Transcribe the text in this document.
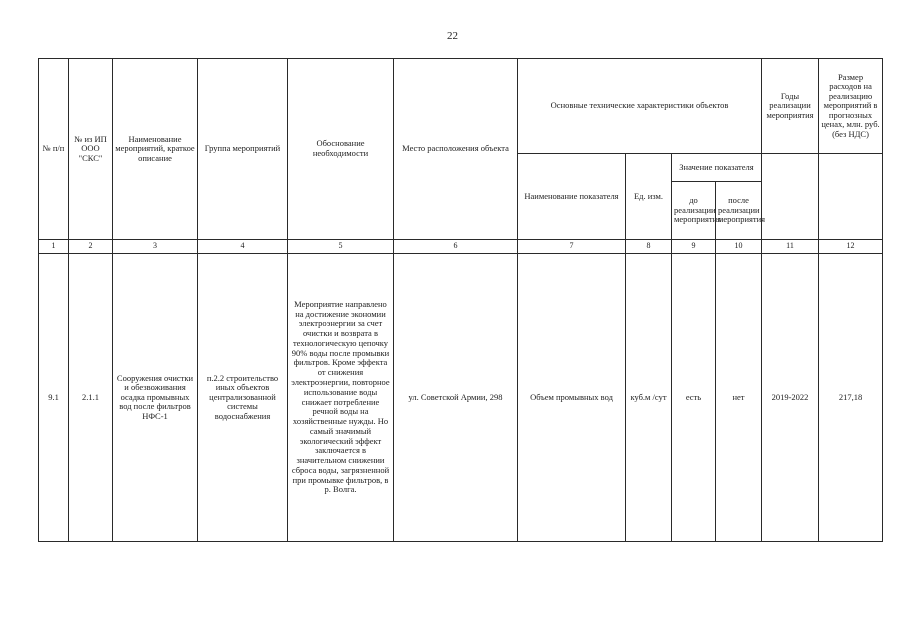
22
№ п/п	№ из ИП ООО "СКС"	Наименование мероприятий, краткое описание	Группа мероприятий	Обоснование необходимости	Место расположения объекта	Основные технические характеристики объектов				Годы реализации мероприятия	Размер расходов на реализацию мероприятий в прогнозных ценах, млн. руб. (без НДС)
						Наименование показателя	Ед. изм.	Значение показателя			
								до реализации мероприятия	после реализации мероприятия		
1	2	3	4	5	6	7	8	9	10	11	12
9.1	2.1.1	Сооружения очистки и обезвоживания осадка промывных вод после фильтров НФС-1	п.2.2 строительство иных объектов централизованной системы водоснабжения	Мероприятие направлено на достижение экономии электроэнергии за счет очистки и возврата в технологическую цепочку 90% воды после промывки фильтров. Кроме эффекта от снижения электроэнергии, повторное использование воды снижает потребление речной воды на хозяйственные нужды. Но самый значимый экологический эффект заключается в значительном снижении сброса воды, загрязненной при промывке фильтров, в р. Волга.	ул. Советской Армии, 298	Объем промывных вод	куб.м /сут	есть	нет	2019-2022	217,18
